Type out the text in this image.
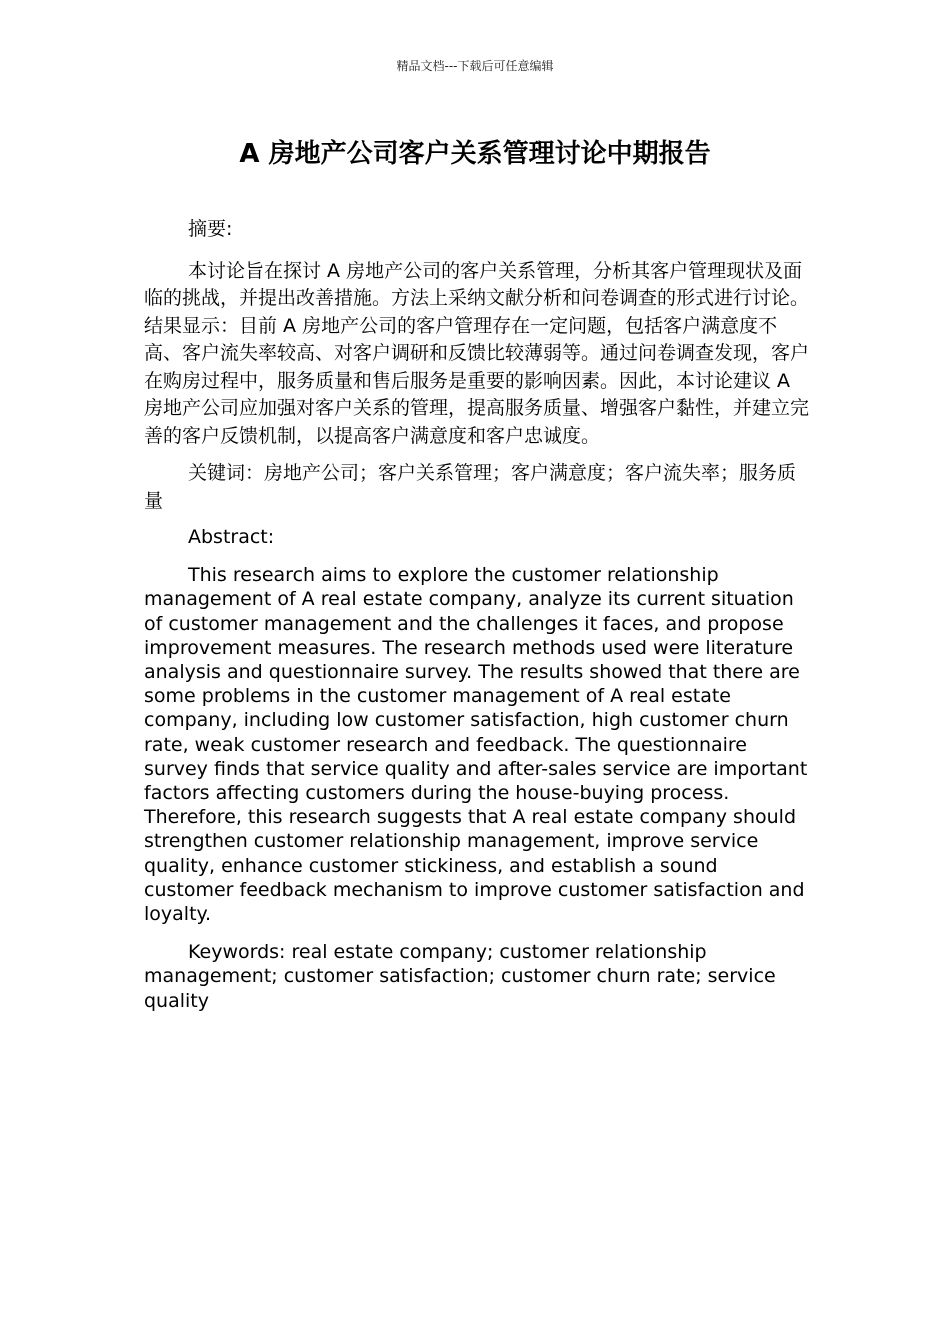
精品文档---下载后可任意编辑
A 房地产公司客户关系管理讨论中期报告

摘要:

本讨论旨在探讨 A 房地产公司的客户关系管理，分析其客户管理现状及面临的挑战，并提出改善措施。方法上采纳文献分析和问卷调查的形式进行讨论。结果显示：目前 A 房地产公司的客户管理存在一定问题，包括客户满意度不高、客户流失率较高、对客户调研和反馈比较薄弱等。通过问卷调查发现，客户在购房过程中，服务质量和售后服务是重要的影响因素。因此，本讨论建议 A 房地产公司应加强对客户关系的管理，提高服务质量、增强客户黏性，并建立完善的客户反馈机制，以提高客户满意度和客户忠诚度。

关键词：房地产公司；客户关系管理；客户满意度；客户流失率；服务质量

Abstract:

This research aims to explore the customer relationship management of A real estate company, analyze its current situation of customer management and the challenges it faces, and propose improvement measures. The research methods used were literature analysis and questionnaire survey. The results showed that there are some problems in the customer management of A real estate company, including low customer satisfaction, high customer churn rate, weak customer research and feedback. The questionnaire survey finds that service quality and after-sales service are important factors affecting customers during the house-buying process. Therefore, this research suggests that A real estate company should strengthen customer relationship management, improve service quality, enhance customer stickiness, and establish a sound customer feedback mechanism to improve customer satisfaction and loyalty.

Keywords: real estate company; customer relationship management; customer satisfaction; customer churn rate; service quality
